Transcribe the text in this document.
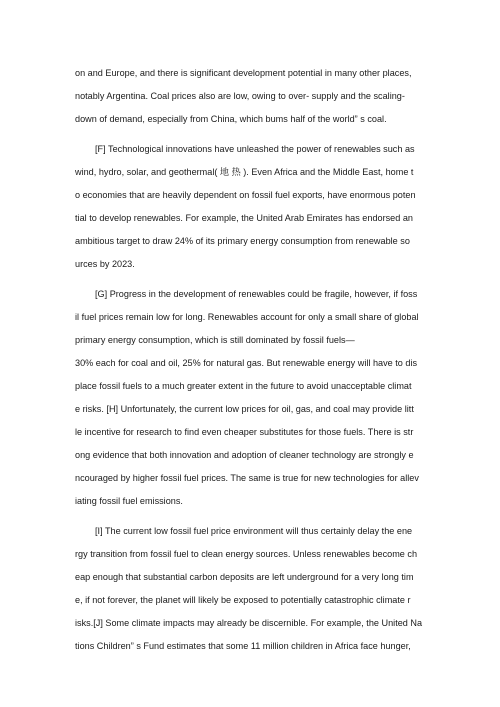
on and Europe, and there is significant development potential in many other places,
notably Argentina. Coal prices also are low, owing to over- supply and the scaling-
down of demand, especially from China, which bums half of the world” s coal.
[F] Technological innovations have unleashed the power of renewables such as
wind, hydro, solar, and geothermal( 地 热 ). Even Africa and the Middle East, home t
o economies that are heavily dependent on fossil fuel exports, have enormous poten
tial to develop renewables. For example, the United Arab Emirates has endorsed an
ambitious target to draw 24% of its primary energy consumption from renewable so
urces by 2023.
[G] Progress in the development of renewables could be fragile, however, if foss
il fuel prices remain low for long. Renewables account for only a small share of global
primary energy consumption, which is still dominated by fossil fuels—
30% each for coal and oil, 25% for natural gas. But renewable energy will have to dis
place fossil fuels to a much greater extent in the future to avoid unacceptable climat
e risks. [H] Unfortunately, the current low prices for oil, gas, and coal may provide litt
le incentive for research to find even cheaper substitutes for those fuels. There is str
ong evidence that both innovation and adoption of cleaner technology are strongly e
ncouraged by higher fossil fuel prices. The same is true for new technologies for allev
iating fossil fuel emissions.
[I] The current low fossil fuel price environment will thus certainly delay the ene
rgy transition from fossil fuel to clean energy sources. Unless renewables become ch
eap enough that substantial carbon deposits are left underground for a very long tim
e, if not forever, the planet will likely be exposed to potentially catastrophic climate r
isks.[J] Some climate impacts may already be discernible. For example, the United Na
tions Children” s Fund estimates that some 11 million children in Africa face hunger,
